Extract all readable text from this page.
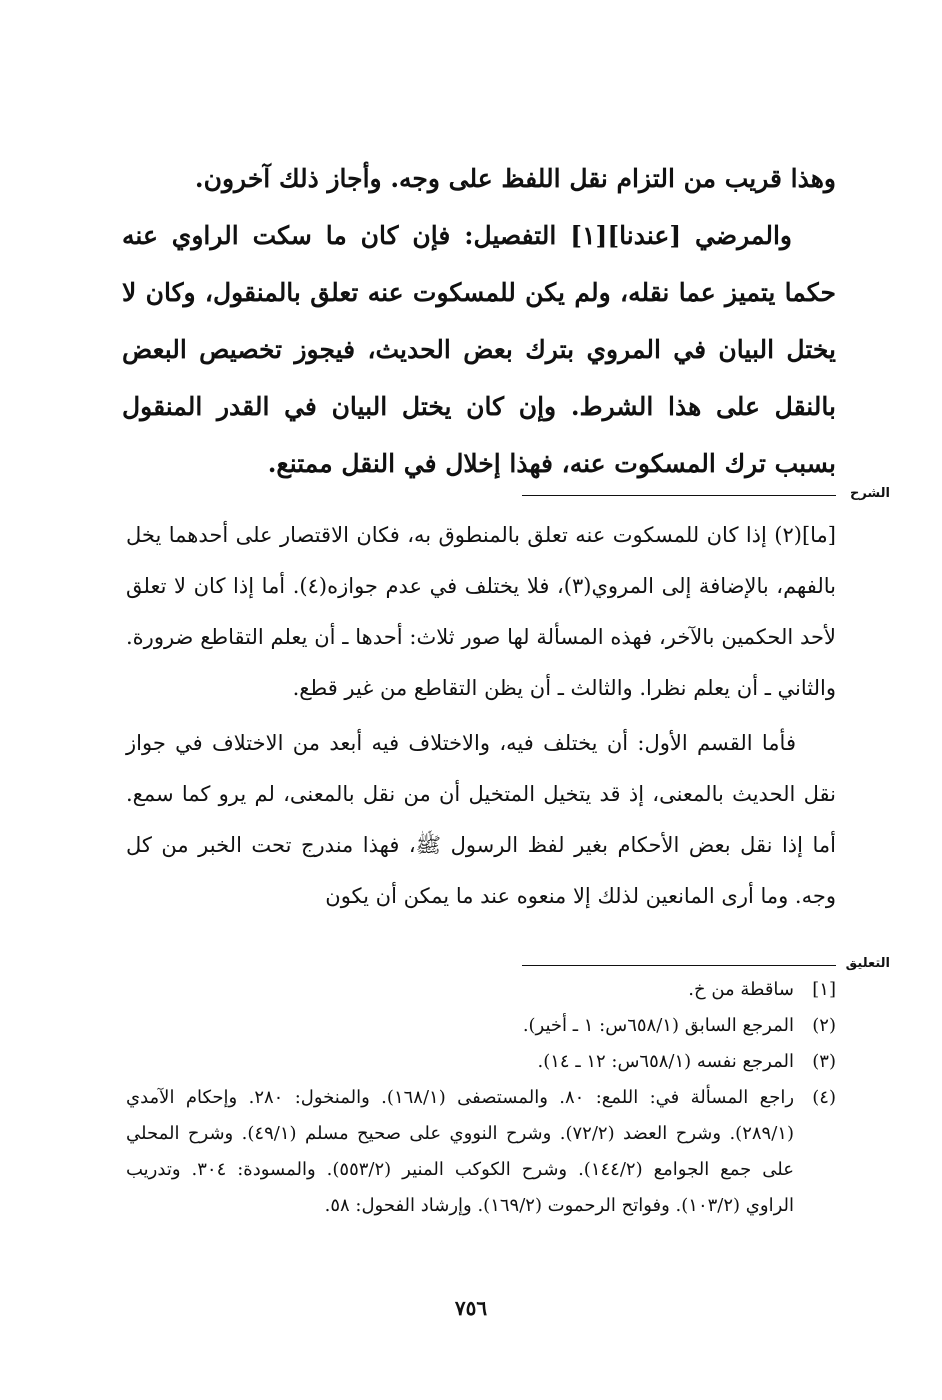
وهذا قريب من التزام نقل اللفظ على وجه. وأجاز ذلك آخرون.

والمرضي [عندنا][١] التفصيل: فإن كان ما سكت الراوي عنه حكما يتميز عما نقله، ولم يكن للمسكوت عنه تعلق بالمنقول، وكان لا يختل البيان في المروي بترك بعض الحديث، فيجوز تخصيص البعض بالنقل على هذا الشرط. وإن كان يختل البيان في القدر المنقول بسبب ترك المسكوت عنه، فهذا إخلال في النقل ممتنع.

الشرح

[ما](٢) إذا كان للمسكوت عنه تعلق بالمنطوق به، فكان الاقتصار على أحدهما يخل بالفهم، بالإضافة إلى المروي(٣)، فلا يختلف في عدم جوازه(٤). أما إذا كان لا تعلق لأحد الحكمين بالآخر، فهذه المسألة لها صور ثلاث: أحدها ـ أن يعلم التقاطع ضرورة. والثاني ـ أن يعلم نظرا. والثالث ـ أن يظن التقاطع من غير قطع.

فأما القسم الأول: أن يختلف فيه، والاختلاف فيه أبعد من الاختلاف في جواز نقل الحديث بالمعنى، إذ قد يتخيل المتخيل أن من نقل بالمعنى، لم يرو كما سمع. أما إذا نقل بعض الأحكام بغير لفظ الرسول ﷺ، فهذا مندرج تحت الخبر من كل وجه. وما أرى المانعين لذلك إلا منعوه عند ما يمكن أن يكون

التعليق
[١]
ساقطة من خ.
(٢)
المرجع السابق (٦٥٨/١س: ١ ـ أخير).
(٣)
المرجع نفسه (٦٥٨/١س: ١٢ ـ ١٤).
(٤)
راجع المسألة في: اللمع: ٨٠. والمستصفى (١٦٨/١). والمنخول: ٢٨٠. وإحكام الآمدي (٢٨٩/١). وشرح العضد (٧٢/٢). وشرح النووي على صحيح مسلم (٤٩/١). وشرح المحلي على جمع الجوامع (١٤٤/٢). وشرح الكوكب المنير (٥٥٣/٢). والمسودة: ٣٠٤. وتدريب الراوي (١٠٣/٢). وفواتح الرحموت (١٦٩/٢). وإرشاد الفحول: ٥٨.
٧٥٦
